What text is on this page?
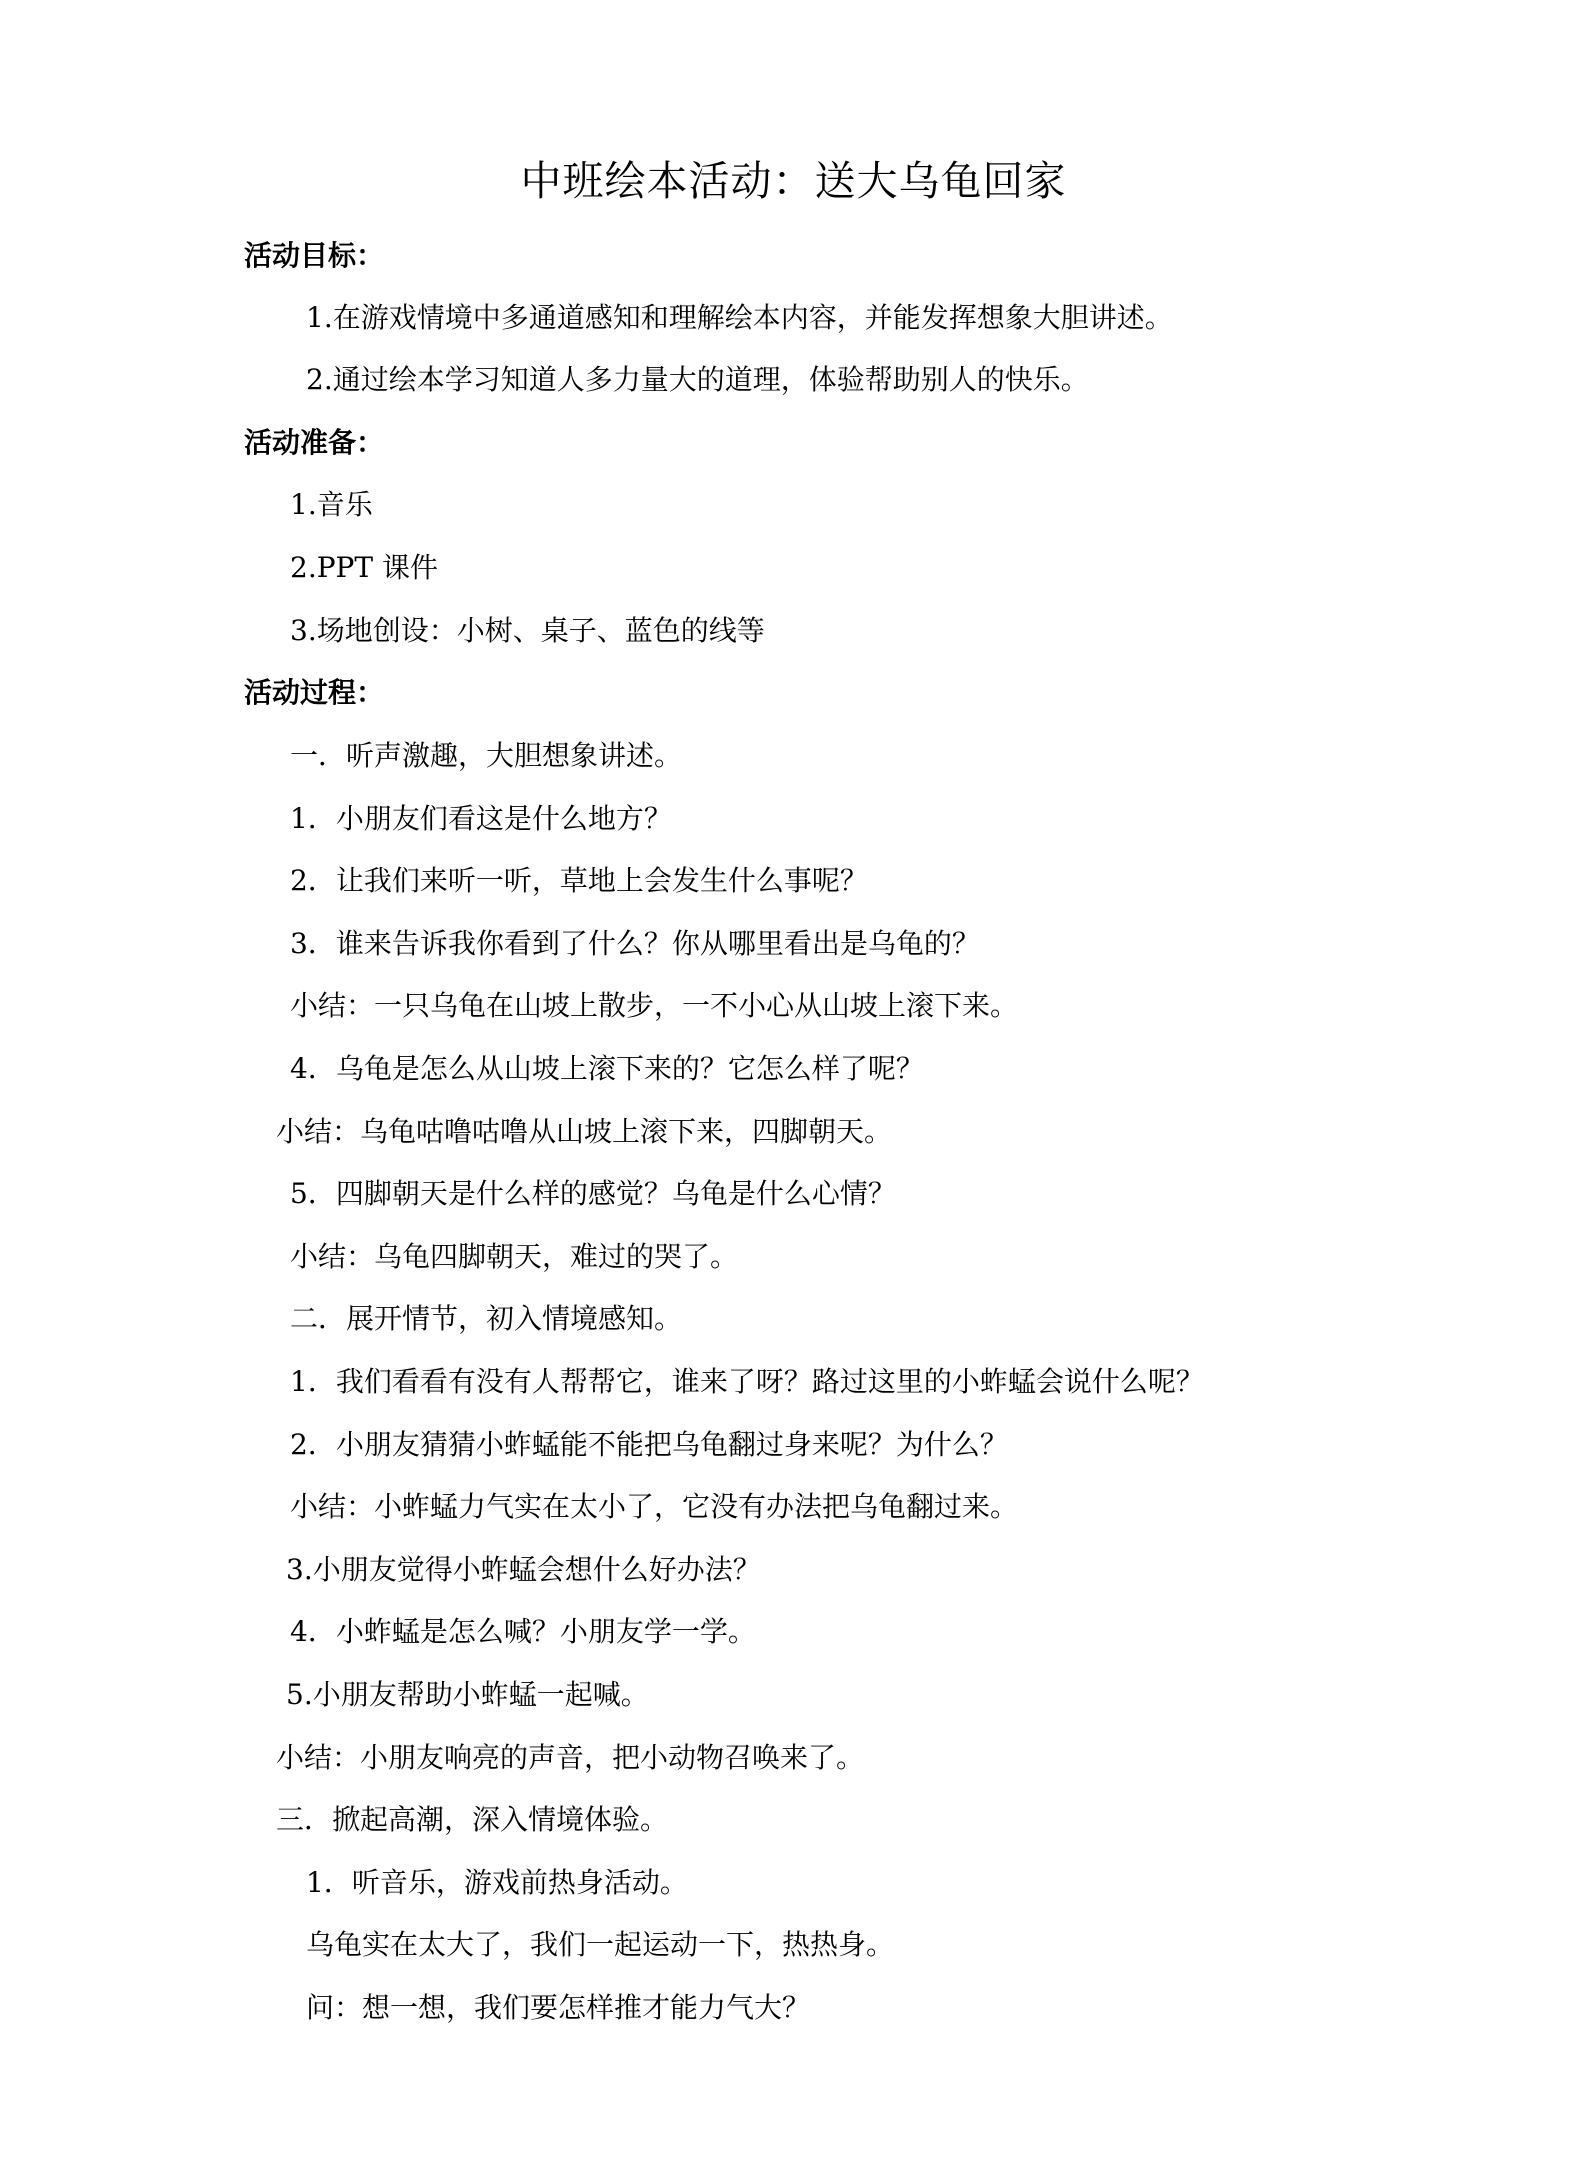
中班绘本活动：送大乌龟回家
活动目标：
1.在游戏情境中多通道感知和理解绘本内容，并能发挥想象大胆讲述。
2.通过绘本学习知道人多力量大的道理，体验帮助别人的快乐。
活动准备：
1.音乐
2.PPT 课件
3.场地创设：小树、桌子、蓝色的线等
活动过程：
一．听声激趣，大胆想象讲述。
1．小朋友们看这是什么地方？
2．让我们来听一听，草地上会发生什么事呢？
3．谁来告诉我你看到了什么？你从哪里看出是乌龟的？
小结：一只乌龟在山坡上散步，一不小心从山坡上滚下来。
4．乌龟是怎么从山坡上滚下来的？它怎么样了呢？
小结：乌龟咕噜咕噜从山坡上滚下来，四脚朝天。
5．四脚朝天是什么样的感觉？乌龟是什么心情？
小结：乌龟四脚朝天，难过的哭了。
二．展开情节，初入情境感知。
1．我们看看有没有人帮帮它，谁来了呀？路过这里的小蚱蜢会说什么呢？
2．小朋友猜猜小蚱蜢能不能把乌龟翻过身来呢？为什么？
小结：小蚱蜢力气实在太小了，它没有办法把乌龟翻过来。
3.小朋友觉得小蚱蜢会想什么好办法？
4．小蚱蜢是怎么喊？小朋友学一学。
5.小朋友帮助小蚱蜢一起喊。
小结：小朋友响亮的声音，把小动物召唤来了。
三．掀起高潮，深入情境体验。
1．听音乐，游戏前热身活动。
乌龟实在太大了，我们一起运动一下，热热身。
问：想一想，我们要怎样推才能力气大？
